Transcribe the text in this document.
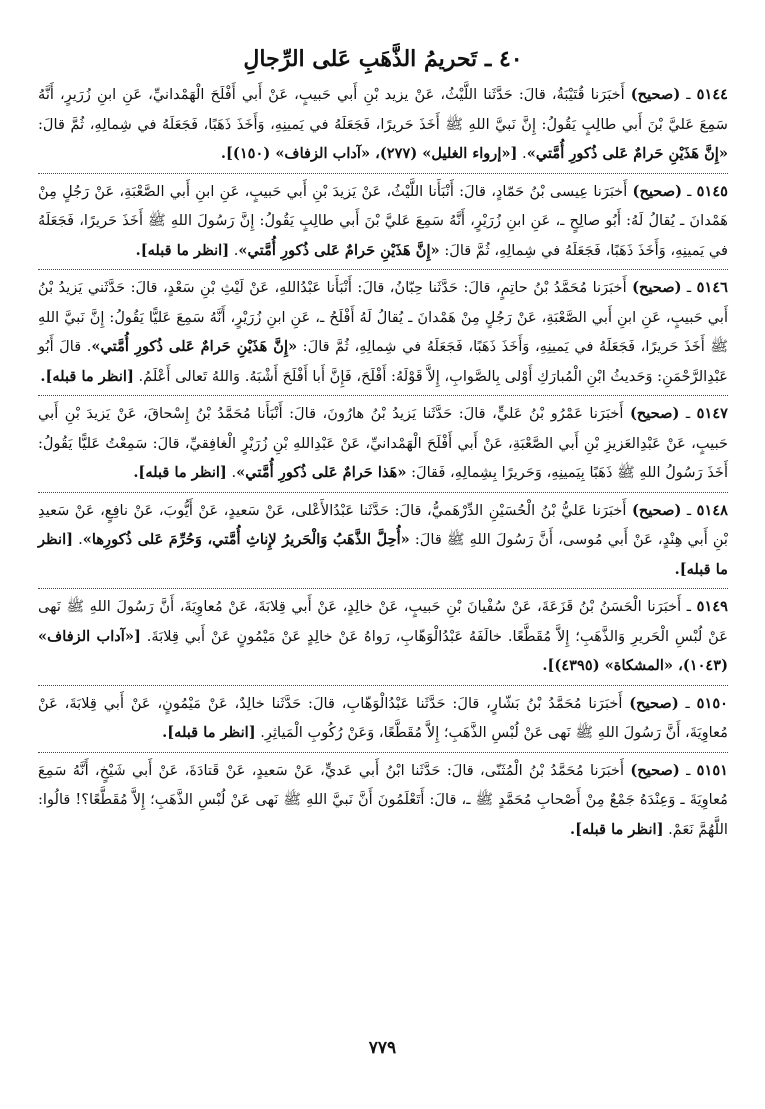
٤٠ ـ تَحريمُ الذَّهَبِ عَلى الرِّجالِ

٥١٤٤ ـ (صحيح) أَخبَرَنا قُتَيْبَةُ، قالَ: حَدَّثَنا اللَّيْثُ، عَنْ يزيد بْنِ أَبي حَبيبٍ، عَنْ أَبي أَفْلَحَ الْهَمْدانيِّ، عَنِ ابنِ زُرَيرٍ، أَنَّهُ سَمِعَ عَليَّ بْنَ أَبي طالِبٍ يَقُولُ: إِنَّ نَبيَّ اللهِ ﷺ أَخَذَ حَريرًا، فَجَعَلَهُ في يَمينِهِ، وَأَخَذَ ذَهَبًا، فَجَعَلَهُ في شِمالِهِ، ثُمَّ قالَ: «إِنَّ هَذَيْنِ حَرامٌ عَلى ذُكورِ أُمَّتي». [«إرواء الغليل» (٢٧٧)، «آداب الزفاف» (١٥٠)].

٥١٤٥ ـ (صحيح) أَخبَرَنا عِيسى بْنُ حَمّادٍ، قالَ: أَنْبَأَنا اللَّيْثُ، عَنْ يَزيدَ بْنِ أَبي حَبيبٍ، عَنِ ابنِ أَبي الصَّعْبَةِ، عَنْ رَجُلٍ مِنْ هَمْدانَ ـ يُقالُ لَهُ: أَبُو صالِحٍ ـ، عَنِ ابنِ زُرَيْرٍ، أَنَّهُ سَمِعَ عَليَّ بْنَ أَبي طالِبٍ يَقُولُ: إِنَّ رَسُولَ اللهِ ﷺ أَخَذَ حَريرًا، فَجَعَلَهُ في يَمينِهِ، وَأَخَذَ ذَهَبًا، فَجَعَلَهُ في شِمالِهِ، ثُمَّ قالَ: «إِنَّ هَذَيْنِ حَرامٌ عَلى ذُكورِ أُمَّتي». [انظر ما قبله].

٥١٤٦ ـ (صحيح) أَخبَرَنا مُحَمَّدُ بْنُ حاتِمٍ، قالَ: حَدَّثَنا حِبّانُ، قالَ: أَنْبَأَنا عَبْدُاللهِ، عَنْ لَيْثِ بْنِ سَعْدٍ، قالَ: حَدَّثَني يَزيدُ بْنُ أَبي حَبيبٍ، عَنِ ابنِ أَبي الصَّعْبَةِ، عَنْ رَجُلٍ مِنْ هَمْدانَ ـ يُقالُ لَهُ أَفْلَحُ ـ، عَنِ ابنِ زُرَيْرٍ، أَنَّهُ سَمِعَ عَليًّا يَقُولُ: إِنَّ نَبيَّ اللهِ ﷺ أَخَذَ حَريرًا، فَجَعَلَهُ في يَمينِهِ، وَأَخَذَ ذَهَبًا، فَجَعَلَهُ في شِمالِهِ، ثُمَّ قالَ: «إِنَّ هَذَيْنِ حَرامٌ عَلى ذُكورِ أُمَّتي». قالَ أَبُو عَبْدِالرَّحْمَنِ: وَحَديثُ ابْنِ الْمُبارَكِ أَوْلى بِالصَّوابِ، إِلاَّ قَوْلَهُ: أَفْلَحَ، فَإِنَّ أَبا أَفْلَحَ أَشْبَهُ. وَاللهُ تَعالى أَعْلَمُ. [انظر ما قبله].

٥١٤٧ ـ (صحيح) أَخبَرَنا عَمْرُو بْنُ عَليٍّ، قالَ: حَدَّثَنا يَزيدُ بْنُ هارُونَ، قالَ: أَنْبَأَنا مُحَمَّدُ بْنُ إِسْحاقَ، عَنْ يَزيدَ بْنِ أَبي حَبيبٍ، عَنْ عَبْدِالعَزيزِ بْنِ أَبي الصَّعْبَةِ، عَنْ أَبي أَفْلَحَ الْهَمْدانيِّ، عَنْ عَبْدِاللهِ بْنِ زُرَيْرٍ الْغافِقيِّ، قالَ: سَمِعْتُ عَليًّا يَقُولُ: أَخَذَ رَسُولُ اللهِ ﷺ ذَهَبًا بِيَمينِهِ، وَحَريرًا بِشِمالِهِ، فَقالَ: «هَذا حَرامٌ عَلى ذُكورِ أُمَّتي». [انظر ما قبله].

٥١٤٨ ـ (صحيح) أَخبَرَنا عَليُّ بْنُ الْحُسَيْنِ الدِّرْهَميُّ، قالَ: حَدَّثَنا عَبْدُالأَعْلى، عَنْ سَعيدٍ، عَنْ أَيُّوبَ، عَنْ نافِعٍ، عَنْ سَعيدِ بْنِ أَبي هِنْدٍ، عَنْ أَبي مُوسى، أَنَّ رَسُولَ اللهِ ﷺ قالَ: «أُحِلَّ الذَّهَبُ وَالْحَريرُ لإِناثِ أُمَّتي، وَحُرِّمَ عَلى ذُكورِها». [انظر ما قبله].

٥١٤٩ ـ أَخبَرَنا الْحَسَنُ بْنُ قَزَعَةَ، عَنْ سُفْيانَ بْنِ حَبيبٍ، عَنْ خالِدٍ، عَنْ أَبي قِلابَةَ، عَنْ مُعاوِيَةَ، أَنَّ رَسُولَ اللهِ ﷺ نَهى عَنْ لُبْسِ الْحَريرِ وَالذَّهَبِ؛ إِلاَّ مُقَطَّعًا. خالَفَهُ عَبْدُالْوَهّابِ، رَواهُ عَنْ خالِدٍ عَنْ مَيْمُونٍ عَنْ أَبي قِلابَةَ. [«آداب الزفاف» (١٠٤٣)، «المشكاة» (٤٣٩٥)].

٥١٥٠ ـ (صحيح) أَخبَرَنا مُحَمَّدُ بْنُ بَشّارٍ، قالَ: حَدَّثَنا عَبْدُالْوَهّابِ، قالَ: حَدَّثَنا خالِدٌ، عَنْ مَيْمُونٍ، عَنْ أَبي قِلابَةَ، عَنْ مُعاوِيَةَ، أَنَّ رَسُولَ اللهِ ﷺ نَهى عَنْ لُبْسِ الذَّهَبِ؛ إِلاَّ مُقَطَّعًا، وَعَنْ رُكُوبِ الْمَياثِرِ. [انظر ما قبله].

٥١٥١ ـ (صحيح) أَخبَرَنا مُحَمَّدُ بْنُ الْمُثَنّى، قالَ: حَدَّثَنا ابْنُ أَبي عَديٍّ، عَنْ سَعيدٍ، عَنْ قَتادَةَ، عَنْ أَبي شَيْخٍ، أَنَّهُ سَمِعَ مُعاوِيَةَ ـ وَعِنْدَهُ جَمْعٌ مِنْ أَصْحابِ مُحَمَّدٍ ﷺ ـ، قالَ: أَتَعْلَمُونَ أَنَّ نَبيَّ اللهِ ﷺ نَهى عَنْ لُبْسِ الذَّهَبِ؛ إِلاَّ مُقَطَّعًا؟! قالُوا: اللَّهُمَّ نَعَمْ. [انظر ما قبله].

٧٧٩
